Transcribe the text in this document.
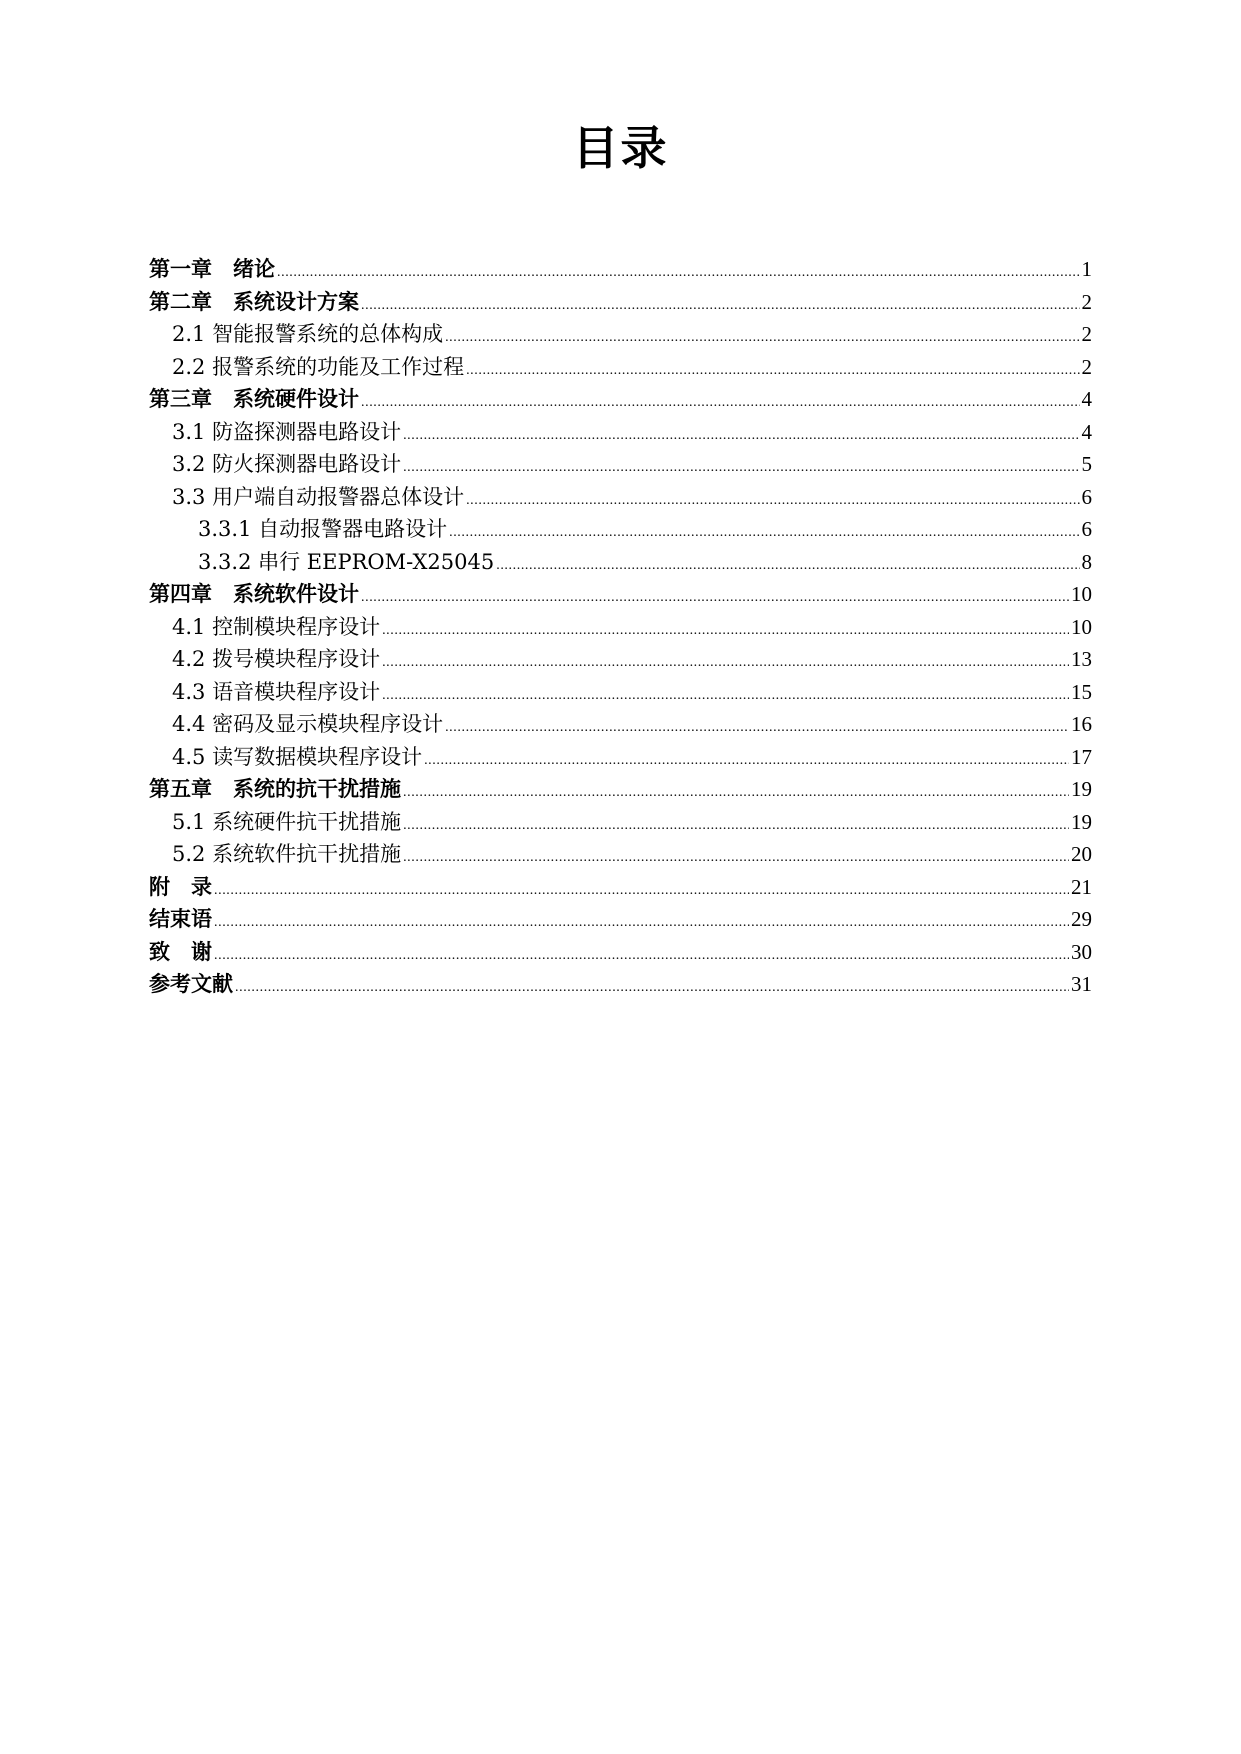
目录
第一章　绪论 .....	1
第二章　系统设计方案 .....	2
2.1 智能报警系统的总体构成 .....	2
2.2 报警系统的功能及工作过程 .....	2
第三章　系统硬件设计 .....	4
3.1 防盗探测器电路设计 .....	4
3.2 防火探测器电路设计 .....	5
3.3 用户端自动报警器总体设计 .....	6
3.3.1 自动报警器电路设计 .....	6
3.3.2 串行 EEPROM-X25045 .....	8
第四章　系统软件设计 .....	10
4.1 控制模块程序设计 .....	10
4.2 拨号模块程序设计 .....	13
4.3 语音模块程序设计 .....	15
4.4 密码及显示模块程序设计 .....	16
4.5 读写数据模块程序设计 .....	17
第五章　系统的抗干扰措施 .....	19
5.1 系统硬件抗干扰措施 .....	19
5.2 系统软件抗干扰措施 .....	20
附　录 .....	21
结束语 .....	29
致　谢 .....	30
参考文献 .....	31
